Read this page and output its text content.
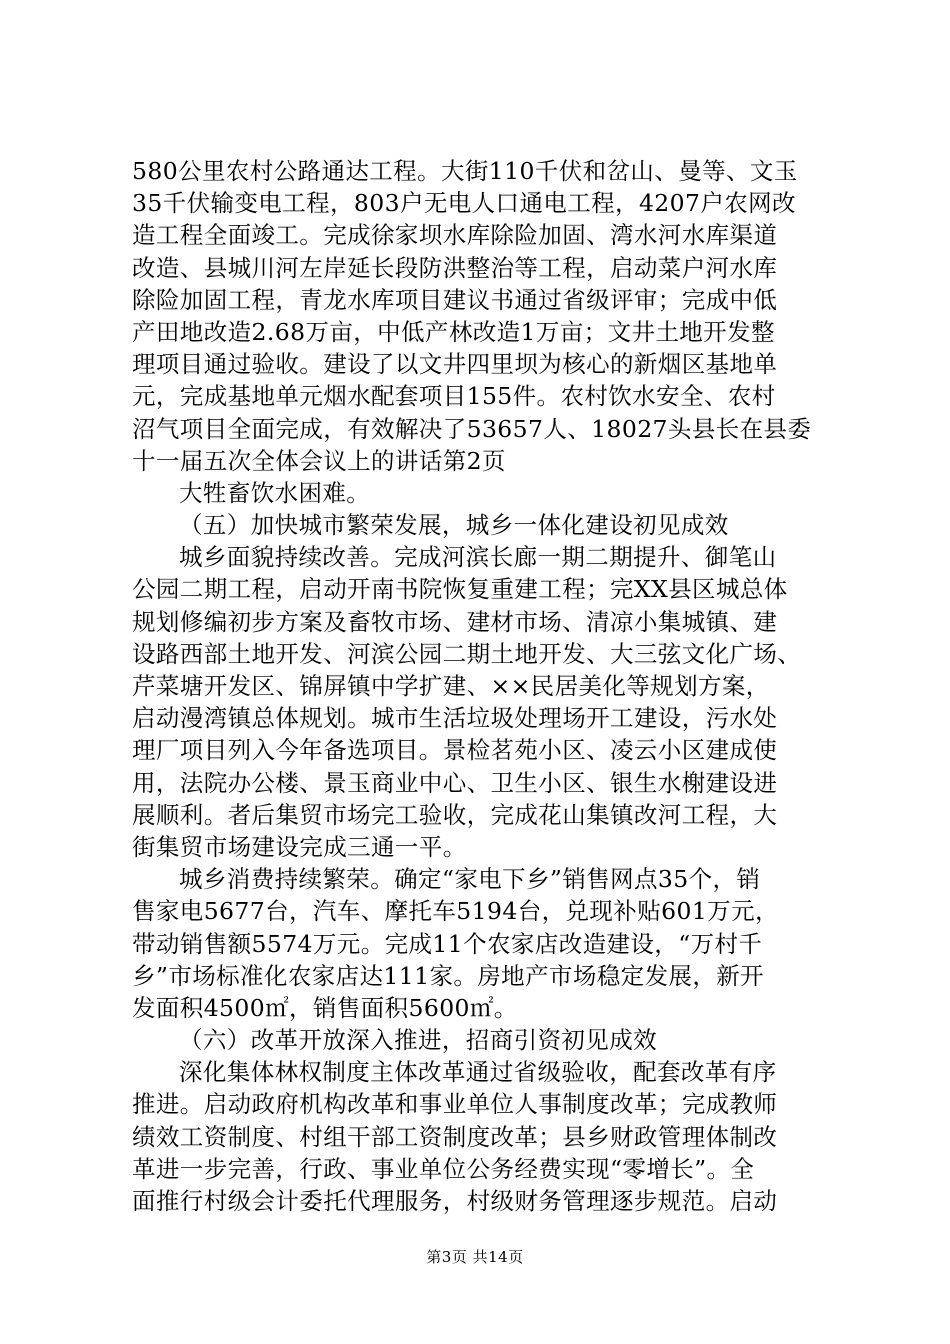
580公里农村公路通达工程。大街110千伏和岔山、曼等、文玉
35千伏输变电工程，803户无电人口通电工程，4207户农网改
造工程全面竣工。完成徐家坝水库除险加固、湾水河水库渠道
改造、县城川河左岸延长段防洪整治等工程，启动菜户河水库
除险加固工程，青龙水库项目建议书通过省级评审；完成中低
产田地改造2.68万亩，中低产林改造1万亩；文井土地开发整
理项目通过验收。建设了以文井四里坝为核心的新烟区基地单
元，完成基地单元烟水配套项目155件。农村饮水安全、农村
沼气项目全面完成，有效解决了53657人、18027头县长在县委
十一届五次全体会议上的讲话第2页
大牲畜饮水困难。
（五）加快城市繁荣发展，城乡一体化建设初见成效
城乡面貌持续改善。完成河滨长廊一期二期提升、御笔山
公园二期工程，启动开南书院恢复重建工程；完XX县区城总体
规划修编初步方案及畜牧市场、建材市场、清凉小集城镇、建
设路西部土地开发、河滨公园二期土地开发、大三弦文化广场、
芹菜塘开发区、锦屏镇中学扩建、××民居美化等规划方案，
启动漫湾镇总体规划。城市生活垃圾处理场开工建设，污水处
理厂项目列入今年备选项目。景检茗苑小区、凌云小区建成使
用，法院办公楼、景玉商业中心、卫生小区、银生水榭建设进
展顺利。者后集贸市场完工验收，完成花山集镇改河工程，大
街集贸市场建设完成三通一平。
城乡消费持续繁荣。确定“家电下乡”销售网点35个，销
售家电5677台，汽车、摩托车5194台，兑现补贴601万元，
带动销售额5574万元。完成11个农家店改造建设，“万村千
乡”市场标准化农家店达111家。房地产市场稳定发展，新开
发面积4500㎡，销售面积5600㎡。
（六）改革开放深入推进，招商引资初见成效
深化集体林权制度主体改革通过省级验收，配套改革有序
推进。启动政府机构改革和事业单位人事制度改革；完成教师
绩效工资制度、村组干部工资制度改革；县乡财政管理体制改
革进一步完善，行政、事业单位公务经费实现“零增长”。全
面推行村级会计委托代理服务，村级财务管理逐步规范。启动
第3页 共14页
